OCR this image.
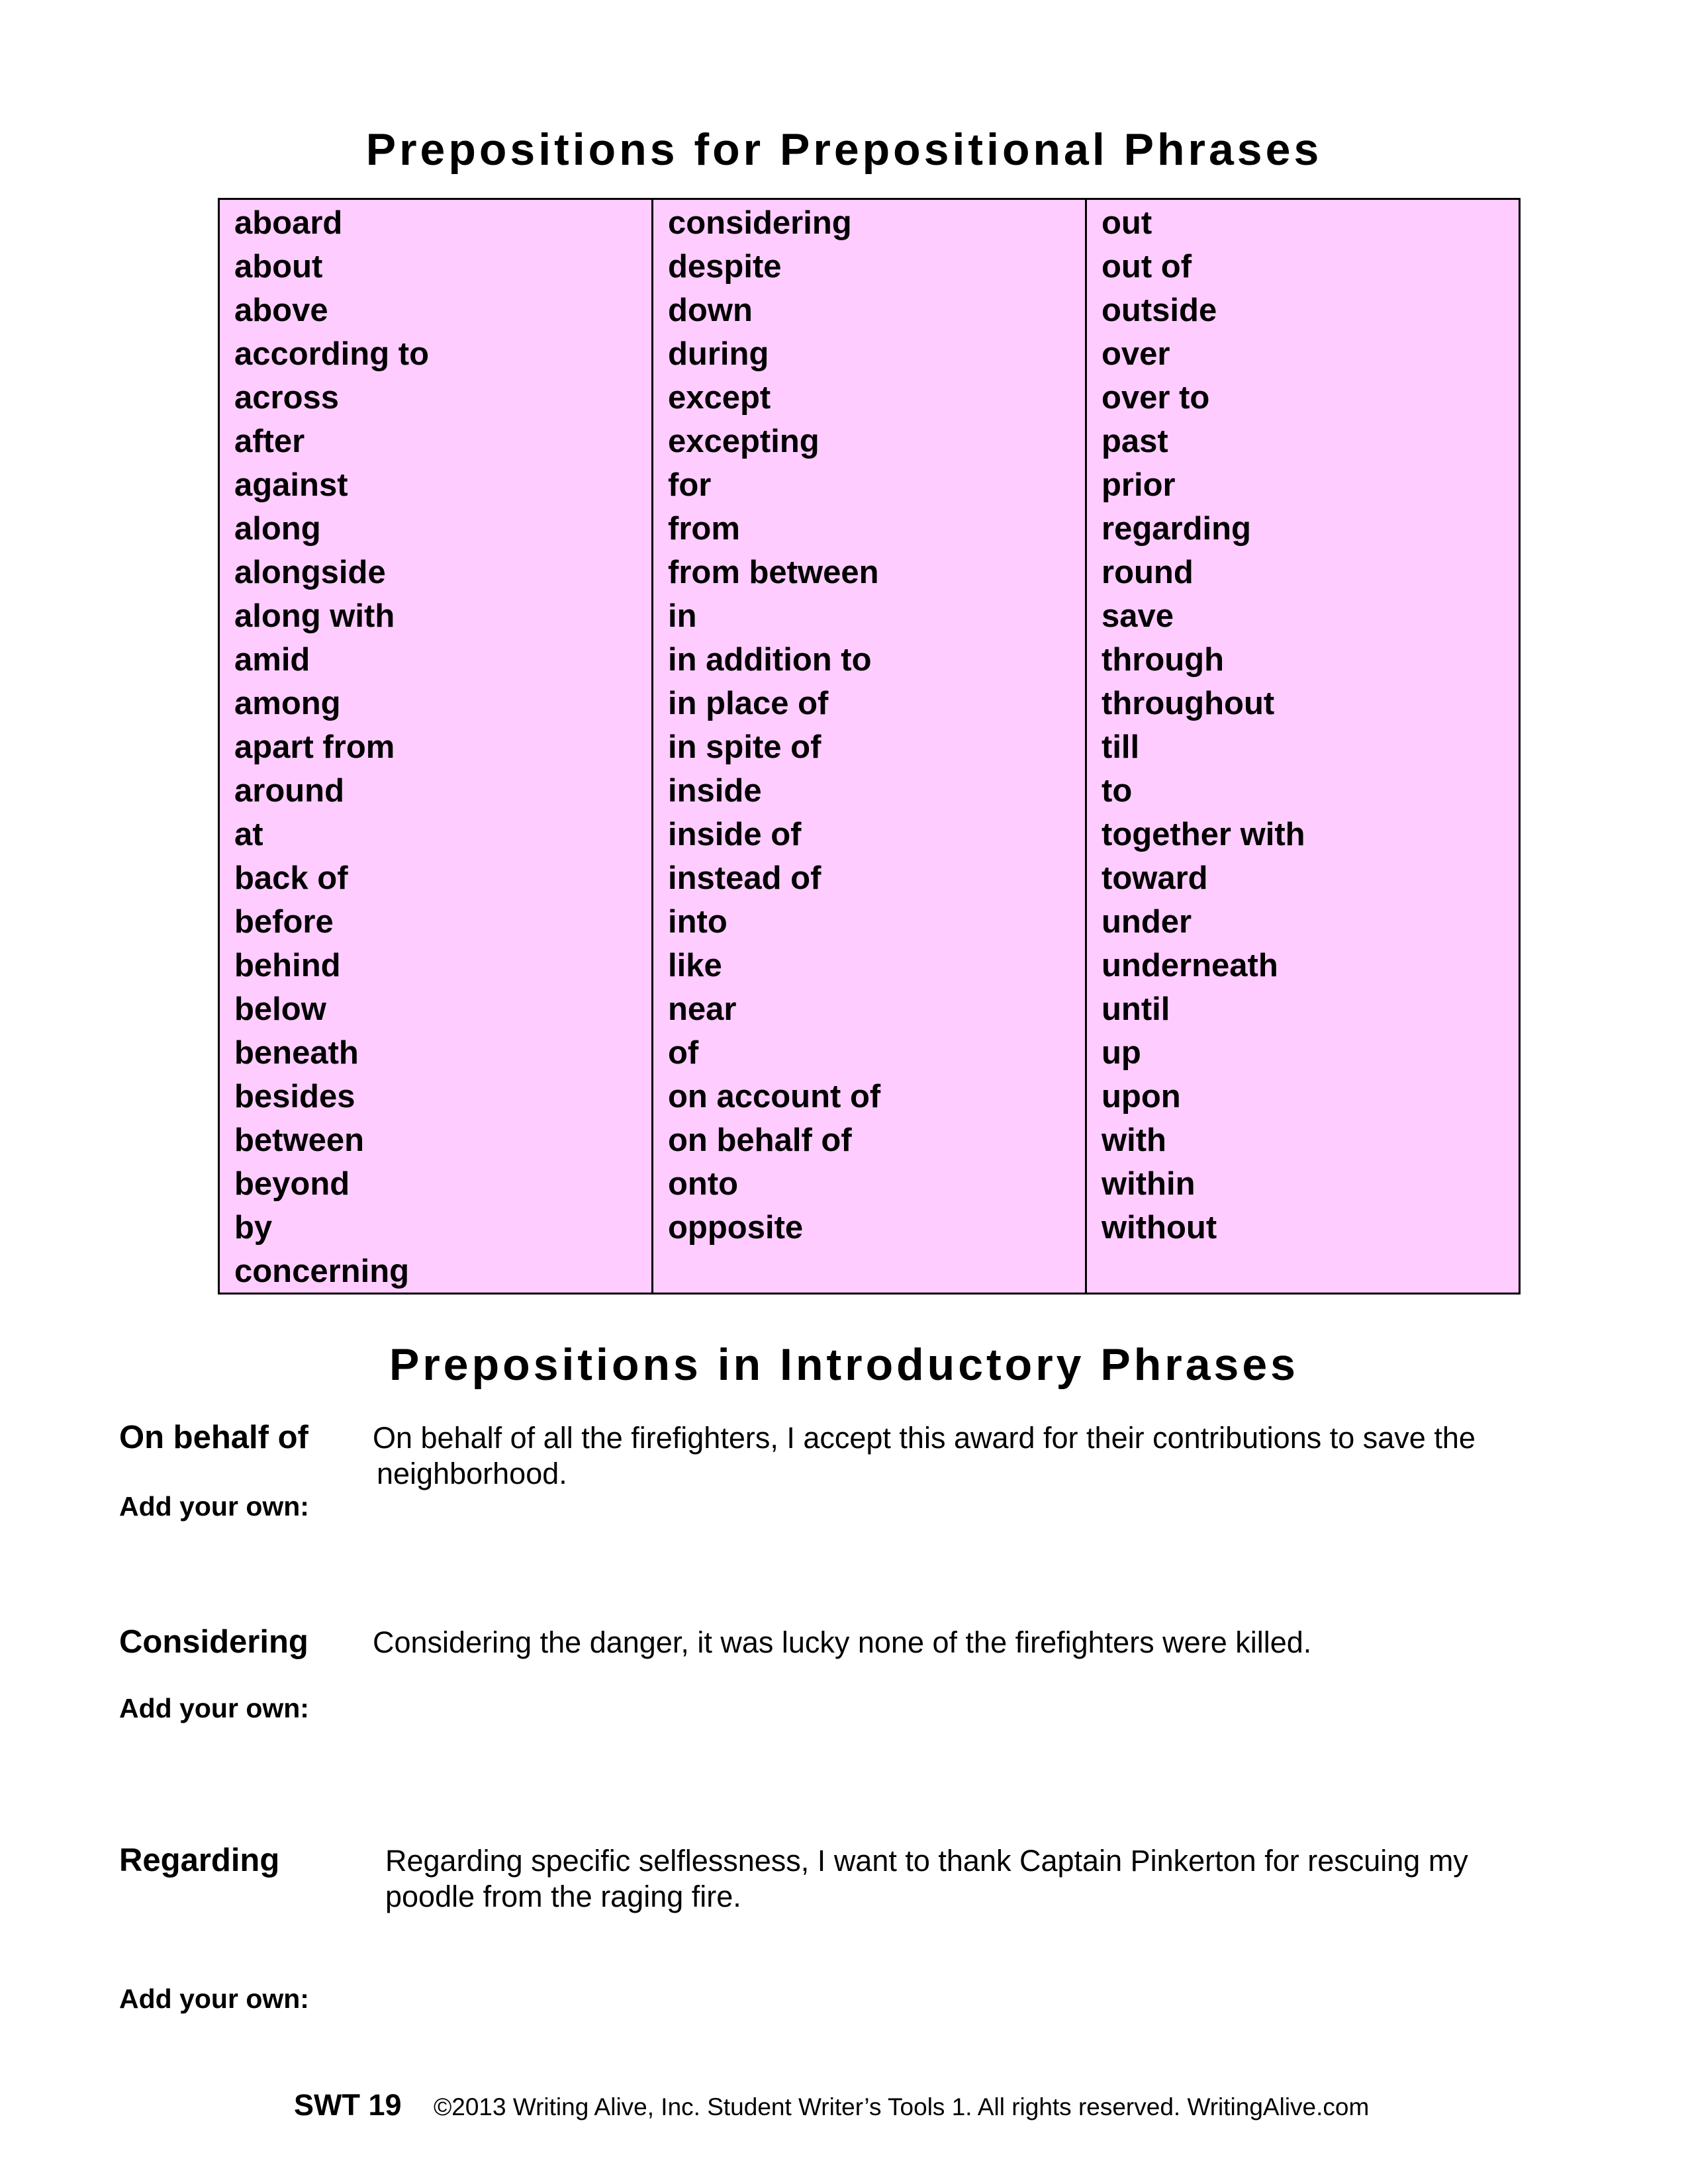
Prepositions for Prepositional Phrases
aboard
about
above
according to
across
after
against
along
alongside
along with
amid
among
apart from
around
at
back of
before
behind
below
beneath
besides
between
beyond
by
concerning
considering
despite
down
during
except
excepting
for
from
from between
in
in addition to
in place of
in spite of
inside
inside of
instead of
into
like
near
of
on account of
on behalf of
onto
opposite
out
out of
outside
over
over to
past
prior
regarding
round
save
through
throughout
till
to
together with
toward
under
underneath
until
up
upon
with
within
without
Prepositions in Introductory Phrases
On behalf of On behalf of all the firefighters, I accept this award for their contributions to save the
neighborhood.
Add your own:
Considering Considering the danger, it was lucky none of the firefighters were killed.
Add your own:
Regarding	Regarding specific selflessness, I want to thank Captain Pinkerton for rescuing my
poodle from the raging fire.
Add your own:
SWT 19 ©2013 Writing Alive, Inc. Student Writer’s Tools 1. All rights reserved. WritingAlive.com
